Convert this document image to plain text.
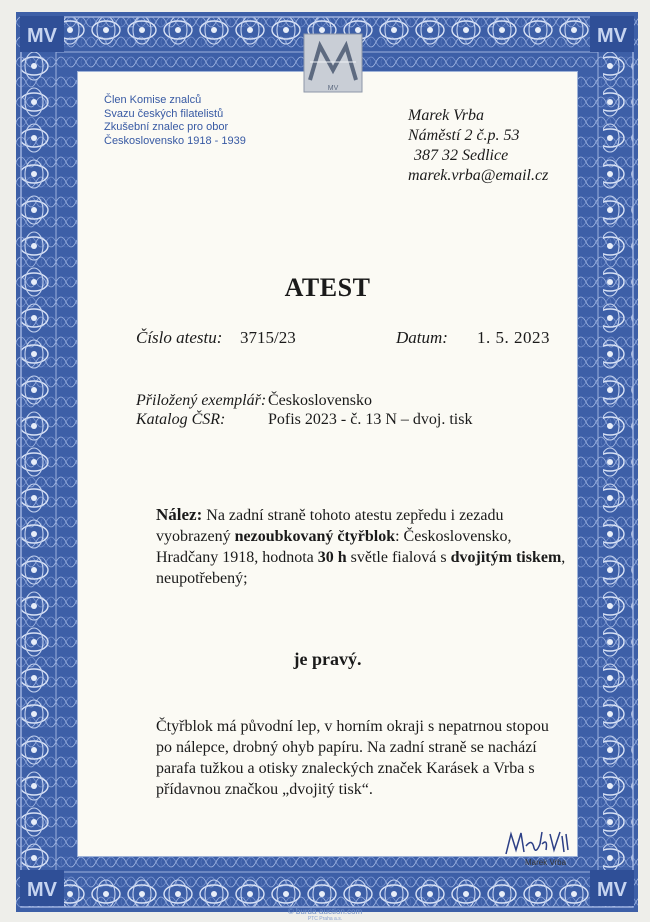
MV	MV
MV	MV
MV
Člen Komise znalců
Svazu českých filatelistů
Zkušební znalec pro obor
Československo 1918 - 1939
Marek Vrba
Náměstí 2 č.p. 53
387 32 Sedlice
marek.vrba@email.cz
ATEST
Číslo atestu: 3715/23	Datum: 1. 5. 2023
Přiložený exemplář: Československo
Katalog ČSR:	Pofis 2023 - č. 13 N – dvoj. tisk
Nález: Na zadní straně tohoto atestu zepředu i zezadu vyobrazený nezoubkovaný čtyřblok: Československo, Hradčany 1918, hodnota 30 h světle fialová s dvojitým tiskem, neupotřebený;
je pravý.
Čtyřblok má původní lep, v horním okraji s nepatrnou stopou po nálepce, drobný ohyb papíru. Na zadní straně se nachází parafa tužkou a otisky znaleckých značek Karásek a Vrba s přídavnou značkou „dvojitý tisk“.
Marek Vrba
© burda-auction.com
PTC Praha a.s.
